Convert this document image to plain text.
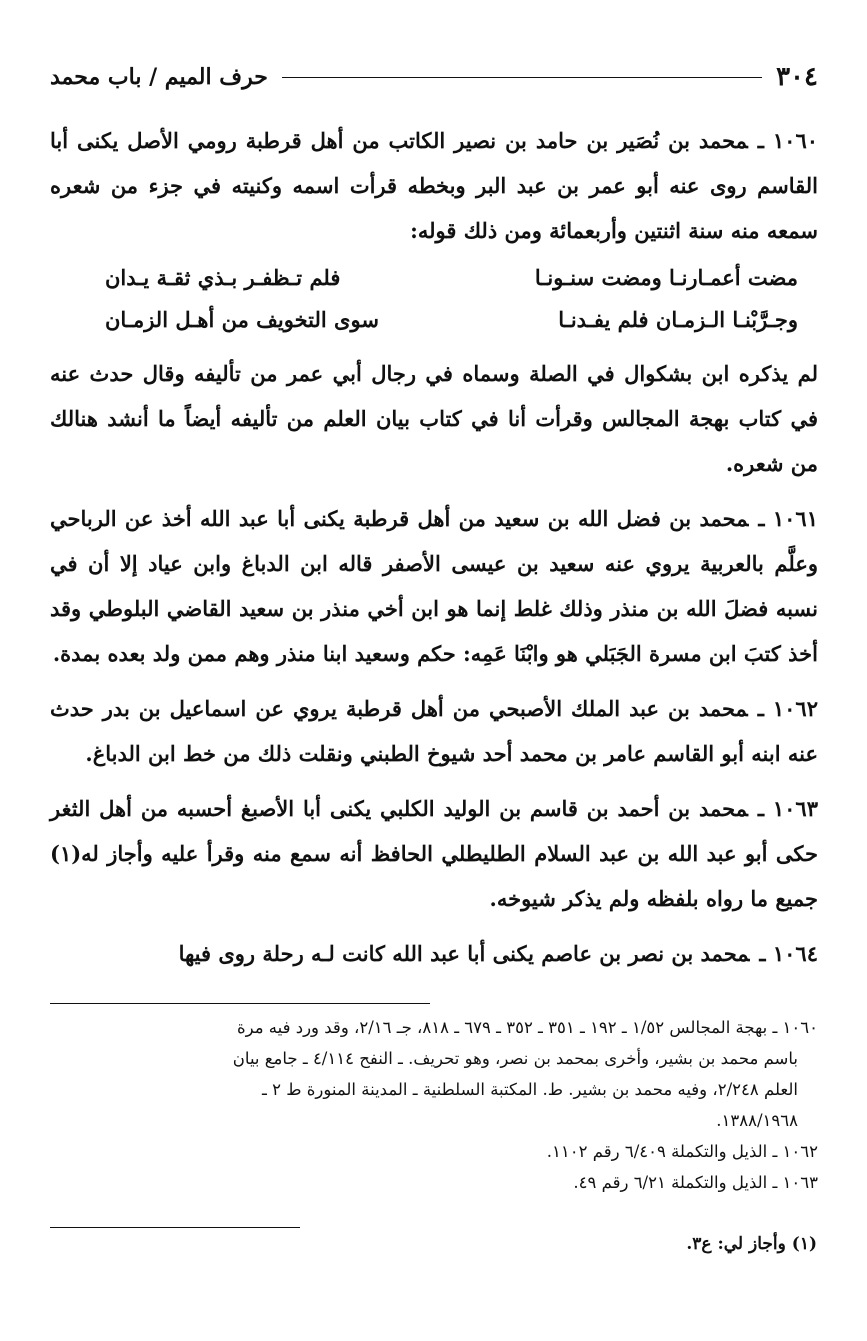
٣٠٤
حرف الميم / باب محمد

١٠٦٠ ـمحمد بن نُصَير بن حامد بن نصير الكاتب من أهل قرطبة رومي الأصل يكنى أبا القاسم روى عنه أبو عمر بن عبد البر وبخطه قرأت اسمه وكنيته في جزء من شعره سمعه منه سنة اثنتين وأربعمائة ومن ذلك قوله:

مضت أعمـارنـا ومضت سنـونـا
فلم تـظفـر بـذي ثقـة يـدان
وجـرَّبْنـا الـزمـان فلم يفـدنـا
سوى التخويف من أهـل الزمـان

لم يذكره ابن بشكوال في الصلة وسماه في رجال أبي عمر من تأليفه وقال حدث عنه في كتاب بهجة المجالس وقرأت أنا في كتاب بيان العلم من تأليفه أيضاً ما أنشد هنالك من شعره.

١٠٦١ ـمحمد بن فضل الله بن سعيد من أهل قرطبة يكنى أبا عبد الله أخذ عن الرباحي وعلَّم بالعربية يروي عنه سعيد بن عيسى الأصفر قاله ابن الدباغ وابن عياد إلا أن في نسبه فضلَ الله بن منذر وذلك غلط إنما هو ابن أخي منذر بن سعيد القاضي البلوطي وقد أخذ كتبَ ابن مسرة الجَبَلي هو وابْنَا عَمِه: حكم وسعيد ابنا منذر وهم ممن ولد بعده بمدة.

١٠٦٢ ـمحمد بن عبد الملك الأصبحي من أهل قرطبة يروي عن اسماعيل بن بدر حدث عنه ابنه أبو القاسم عامر بن محمد أحد شيوخ الطبني ونقلت ذلك من خط ابن الدباغ.

١٠٦٣ ـمحمد بن أحمد بن قاسم بن الوليد الكلبي يكنى أبا الأصبغ أحسبه من أهل الثغر حكى أبو عبد الله بن عبد السلام الطليطلي الحافظ أنه سمع منه وقرأ عليه وأجاز له(١) جميع ما رواه بلفظه ولم يذكر شيوخه.

١٠٦٤ ـمحمد بن نصر بن عاصم يكنى أبا عبد الله كانت لـه رحلة روى فيها

١٠٦٠ ـ بهجة المجالس ١/٥٢ ـ ١٩٢ ـ ٣٥١ ـ ٣٥٢ ـ ٦٧٩ ـ ٨١٨، جـ ٢/١٦، وقد ورد فيه مرة

باسم محمد بن بشير، وأخرى بمحمد بن نصر، وهو تحريف. ـ النفح ٤/١١٤ ـ جامع بيان

العلم ٢/٢٤٨، وفيه محمد بن بشير. ط. المكتبة السلطنية ـ المدينة المنورة ط ٢ ـ

١٣٨٨/١٩٦٨.

١٠٦٢ ـ الذيل والتكملة ٦/٤٠٩ رقم ١١٠٢.

١٠٦٣ ـ الذيل والتكملة ٦/٢١ رقم ٤٩.

(١) وأجاز لي: ع٣.
